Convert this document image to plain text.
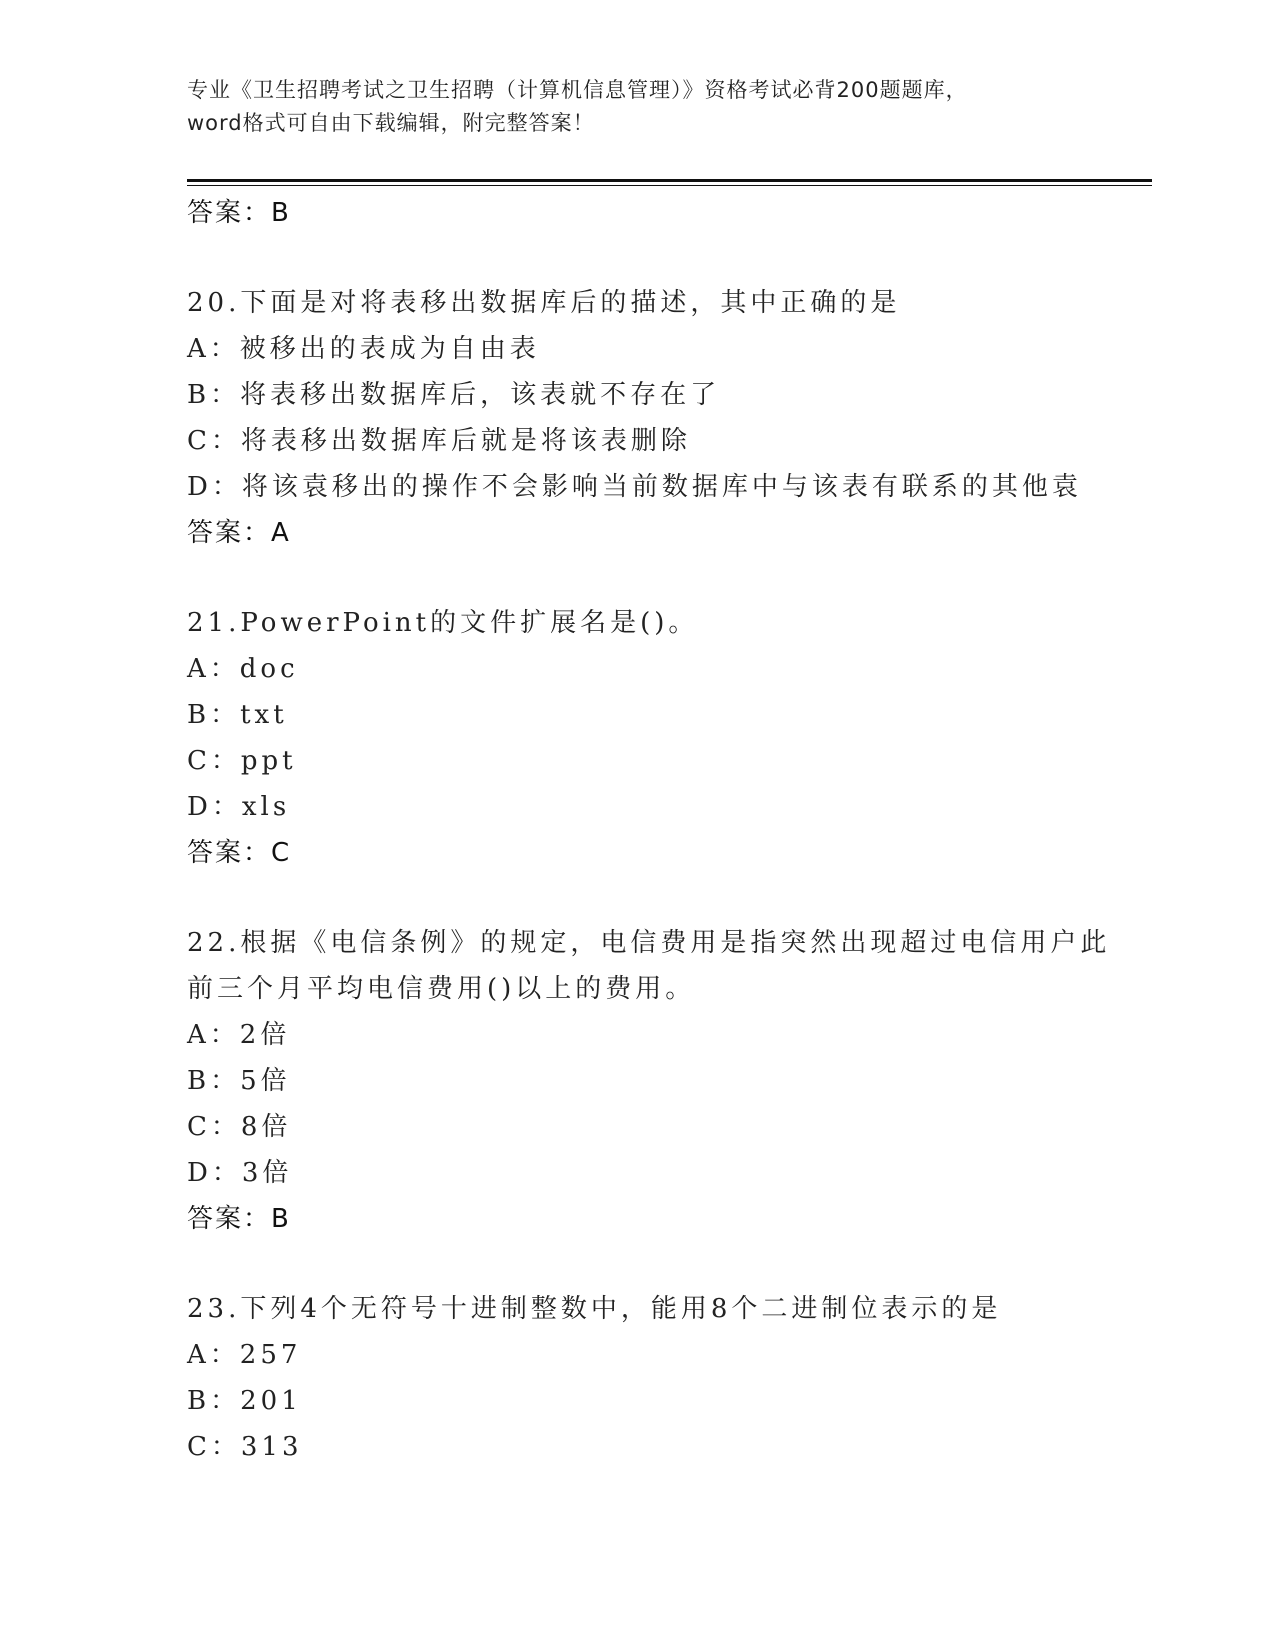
专业《卫生招聘考试之卫生招聘（计算机信息管理）》资格考试必背200题题库，
word格式可自由下载编辑，附完整答案！
答案：B
20.下面是对将表移出数据库后的描述，其中正确的是
A：被移出的表成为自由表
B：将表移出数据库后，该表就不存在了
C：将表移出数据库后就是将该表删除
D：将该袁移出的操作不会影响当前数据库中与该表有联系的其他袁
答案：A
21.PowerPoint的文件扩展名是()。
A：doc
B：txt
C：ppt
D：xls
答案：C
22.根据《电信条例》的规定，电信费用是指突然出现超过电信用户此
前三个月平均电信费用()以上的费用。
A：2倍
B：5倍
C：8倍
D：3倍
答案：B
23.下列4个无符号十进制整数中，能用8个二进制位表示的是
A：257
B：201
C：313
